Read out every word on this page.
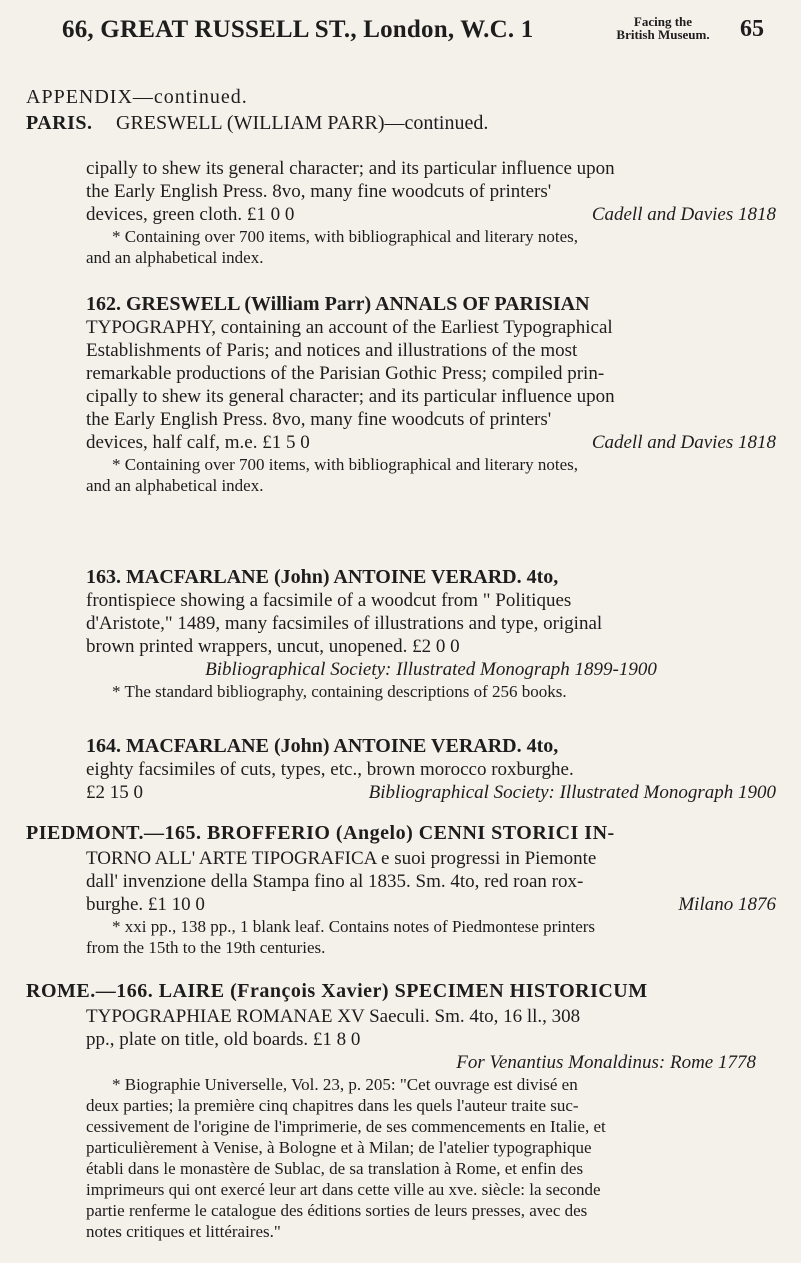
66, GREAT RUSSELL ST., London, W.C. 1	Facing the
British Museum.	65
APPENDIX—continued.
PARIS. GRESWELL (WILLIAM PARR)—continued.
cipally to shew its general character; and its particular influence upon
the Early English Press. 8vo, many fine woodcuts of printers'
devices, green cloth. £1 0 0	Cadell and Davies 1818
* Containing over 700 items, with bibliographical and literary notes,
and an alphabetical index.
162. GRESWELL (William Parr) ANNALS OF PARISIAN
TYPOGRAPHY, containing an account of the Earliest Typographical
Establishments of Paris; and notices and illustrations of the most
remarkable productions of the Parisian Gothic Press; compiled prin-
cipally to shew its general character; and its particular influence upon
the Early English Press. 8vo, many fine woodcuts of printers'
devices, half calf, m.e. £1 5 0	Cadell and Davies 1818
* Containing over 700 items, with bibliographical and literary notes,
and an alphabetical index.
163. MACFARLANE (John) ANTOINE VERARD. 4to,
frontispiece showing a facsimile of a woodcut from " Politiques
d'Aristote," 1489, many facsimiles of illustrations and type, original
brown printed wrappers, uncut, unopened. £2 0 0
Bibliographical Society: Illustrated Monograph 1899-1900
* The standard bibliography, containing descriptions of 256 books.
164. MACFARLANE (John) ANTOINE VERARD. 4to,
eighty facsimiles of cuts, types, etc., brown morocco roxburghe.
£2 15 0	Bibliographical Society: Illustrated Monograph 1900
PIEDMONT.—165. BROFFERIO (Angelo) CENNI STORICI IN-
TORNO ALL' ARTE TIPOGRAFICA e suoi progressi in Piemonte
dall' invenzione della Stampa fino al 1835. Sm. 4to, red roan rox-
burghe. £1 10 0	Milano 1876
* xxi pp., 138 pp., 1 blank leaf. Contains notes of Piedmontese printers
from the 15th to the 19th centuries.
ROME.—166. LAIRE (François Xavier) SPECIMEN HISTORICUM
TYPOGRAPHIAE ROMANAE XV Saeculi. Sm. 4to, 16 ll., 308
pp., plate on title, old boards. £1 8 0
For Venantius Monaldinus: Rome 1778
* Biographie Universelle, Vol. 23, p. 205: "Cet ouvrage est divisé en
deux parties; la première cinq chapitres dans les quels l'auteur traite suc-
cessivement de l'origine de l'imprimerie, de ses commencements en Italie, et
particulièrement à Venise, à Bologne et à Milan; de l'atelier typographique
établi dans le monastère de Sublac, de sa translation à Rome, et enfin des
imprimeurs qui ont exercé leur art dans cette ville au xve. siècle: la seconde
partie renferme le catalogue des éditions sorties de leurs presses, avec des
notes critiques et littéraires."
